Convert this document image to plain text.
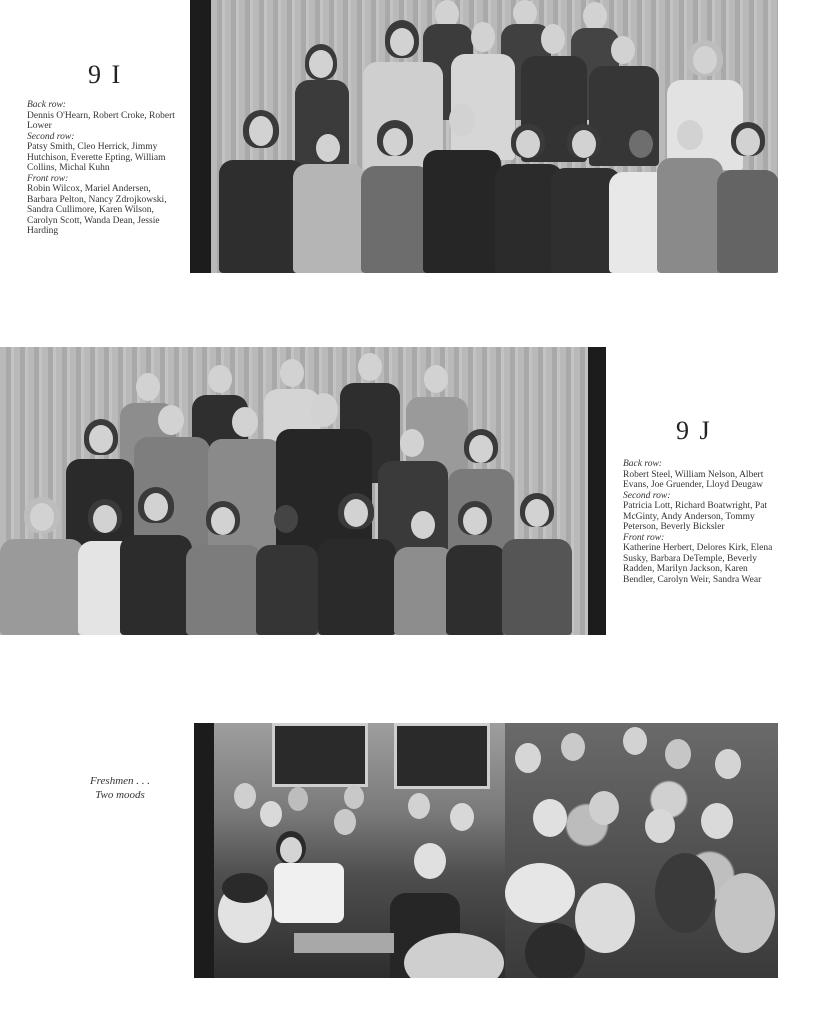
9 I
Back row:
Dennis O'Hearn, Robert Croke, Robert Lower
Second row:
Patsy Smith, Cleo Herrick, Jimmy Hutchison, Everette Epting, William Collins, Michal Kuhn
Front row:
Robin Wilcox, Mariel Andersen, Barbara Pelton, Nancy Zdrojkowski, Sandra Cullimore, Karen Wilson, Carolyn Scott, Wanda Dean, Jessie Harding
9 J
Back row:
Robert Steel, William Nelson, Albert Evans, Joe Gruender, Lloyd Deugaw
Second row:
Patricia Lott, Richard Boatwright, Pat McGinty, Andy Anderson, Tommy Peterson, Beverly Bicksler
Front row:
Katherine Herbert, Delores Kirk, Elena Susky, Barbara DeTemple, Beverly Radden, Marilyn Jackson, Karen Bendler, Carolyn Weir, Sandra Wear
Freshmen . . .
Two moods
